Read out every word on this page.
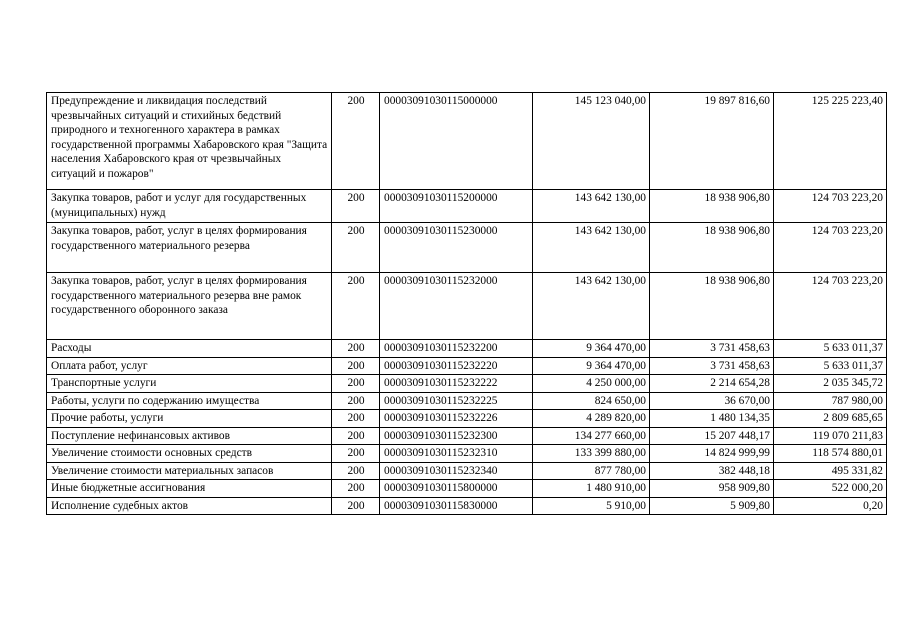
Предупреждение и ликвидация последствий чрезвычайных ситуаций и стихийных бедствий природного и техногенного характера в рамках государственной программы Хабаровского края "Защита населения Хабаровского края от чрезвычайных ситуаций и пожаров"	200	00003091030115000000	145 123 040,00	19 897 816,60	125 225 223,40
Закупка товаров, работ и услуг для государственных (муниципальных) нужд	200	00003091030115200000	143 642 130,00	18 938 906,80	124 703 223,20
Закупка товаров, работ, услуг в целях формирования государственного материального резерва	200	00003091030115230000	143 642 130,00	18 938 906,80	124 703 223,20
Закупка товаров, работ, услуг в целях формирования государственного материального резерва вне рамок государственного оборонного заказа	200	00003091030115232000	143 642 130,00	18 938 906,80	124 703 223,20
Расходы	200	00003091030115232200	9 364 470,00	3 731 458,63	5 633 011,37
Оплата работ, услуг	200	00003091030115232220	9 364 470,00	3 731 458,63	5 633 011,37
Транспортные услуги	200	00003091030115232222	4 250 000,00	2 214 654,28	2 035 345,72
Работы, услуги по содержанию имущества	200	00003091030115232225	824 650,00	36 670,00	787 980,00
Прочие работы, услуги	200	00003091030115232226	4 289 820,00	1 480 134,35	2 809 685,65
Поступление нефинансовых активов	200	00003091030115232300	134 277 660,00	15 207 448,17	119 070 211,83
Увеличение стоимости основных средств	200	00003091030115232310	133 399 880,00	14 824 999,99	118 574 880,01
Увеличение стоимости материальных запасов	200	00003091030115232340	877 780,00	382 448,18	495 331,82
Иные бюджетные ассигнования	200	00003091030115800000	1 480 910,00	958 909,80	522 000,20
Исполнение судебных актов	200	00003091030115830000	5 910,00	5 909,80	0,20
